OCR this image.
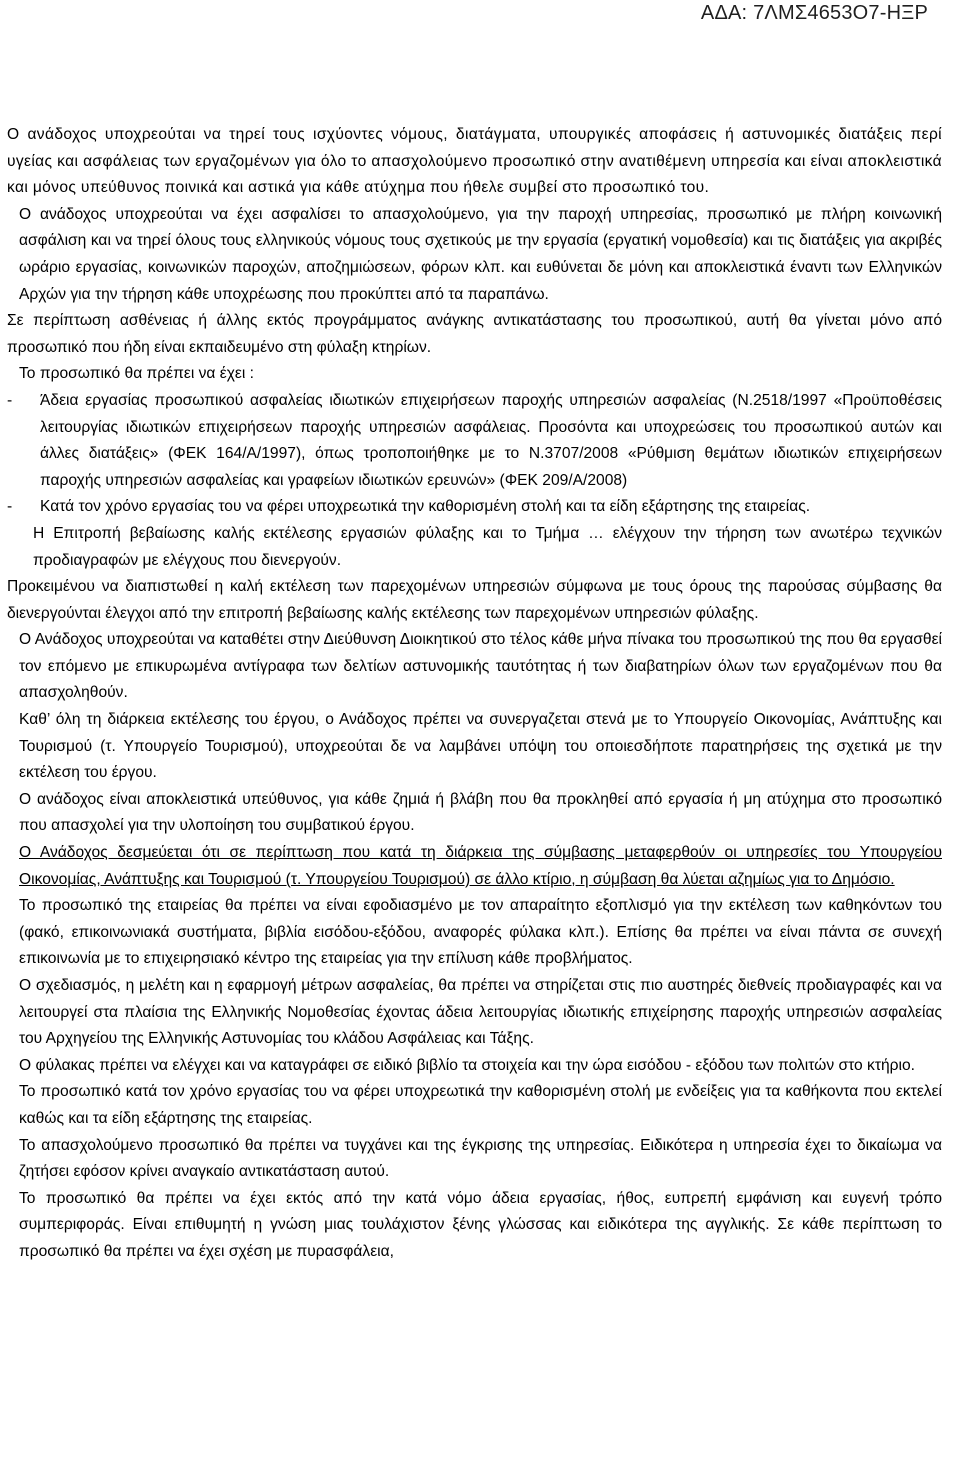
ΑΔΑ: 7ΛΜΣ4653Ο7-ΗΞΡ

Ο ανάδοχος υποχρεούται να τηρεί τους ισχύοντες νόμους, διατάγματα, υπουργικές αποφάσεις ή αστυνομικές διατάξεις περί υγείας και ασφάλειας των εργαζομένων για όλο το απασχολούμενο προσωπικό στην ανατιθέμενη υπηρεσία και είναι αποκλειστικά και μόνος υπεύθυνος ποινικά και αστικά για κάθε ατύχημα που ήθελε συμβεί στο προσωπικό του.

Ο ανάδοχος υποχρεούται να έχει ασφαλίσει το απασχολούμενο, για την παροχή υπηρεσίας, προσωπικό με πλήρη κοινωνική ασφάλιση και να τηρεί όλους τους ελληνικούς νόμους τους σχετικούς με την εργασία (εργατική νομοθεσία) και τις διατάξεις για ακριβές ωράριο εργασίας, κοινωνικών παροχών, αποζημιώσεων, φόρων κλπ. και ευθύνεται δε μόνη και αποκλειστικά έναντι των Ελληνικών Αρχών για την τήρηση κάθε υποχρέωσης που προκύπτει από τα παραπάνω.

Σε περίπτωση ασθένειας ή άλλης εκτός προγράμματος ανάγκης αντικατάστασης του προσωπικού, αυτή θα γίνεται μόνο από προσωπικό που ήδη είναι εκπαιδευμένο στη φύλαξη κτηρίων.

Το προσωπικό θα πρέπει να έχει :

-	Άδεια εργασίας προσωπικού ασφαλείας ιδιωτικών επιχειρήσεων παροχής υπηρεσιών ασφαλείας (Ν.2518/1997 «Προϋποθέσεις λειτουργίας ιδιωτικών επιχειρήσεων παροχής υπηρεσιών ασφάλειας. Προσόντα και υποχρεώσεις του προσωπικού αυτών και άλλες διατάξεις» (ΦΕΚ 164/Α/1997), όπως τροποποιήθηκε με το Ν.3707/2008 «Ρύθμιση θεμάτων ιδιωτικών επιχειρήσεων παροχής υπηρεσιών ασφαλείας και γραφείων ιδιωτικών ερευνών» (ΦΕΚ 209/Α/2008)
-	Κατά τον χρόνο εργασίας του να φέρει υποχρεωτικά την καθορισμένη στολή και τα είδη εξάρτησης της εταιρείας.

Η Επιτροπή βεβαίωσης καλής εκτέλεσης εργασιών φύλαξης και το Τμήμα … ελέγχουν την τήρηση των ανωτέρω τεχνικών προδιαγραφών με ελέγχους που διενεργούν.

Προκειμένου να διαπιστωθεί η καλή εκτέλεση των παρεχομένων υπηρεσιών σύμφωνα με τους όρους της παρούσας σύμβασης θα διενεργούνται έλεγχοι από την επιτροπή βεβαίωσης καλής εκτέλεσης των παρεχομένων υπηρεσιών φύλαξης.

Ο Ανάδοχος υποχρεούται να καταθέτει στην Διεύθυνση Διοικητικού στο τέλος κάθε μήνα πίνακα του προσωπικού της που θα εργασθεί τον επόμενο με επικυρωμένα αντίγραφα των δελτίων αστυνομικής ταυτότητας ή των διαβατηρίων όλων των εργαζομένων που θα απασχοληθούν.

Καθ’ όλη τη διάρκεια εκτέλεσης του έργου, ο Ανάδοχος πρέπει να συνεργαζεται στενά με το Υπουργείο Οικονομίας, Ανάπτυξης και Τουρισμού (τ. Υπουργείο Τουρισμού), υποχρεούται δε να λαμβάνει υπόψη του οποιεσδήποτε παρατηρήσεις της σχετικά με την εκτέλεση του έργου.

Ο ανάδοχος είναι αποκλειστικά υπεύθυνος, για κάθε ζημιά ή βλάβη που θα προκληθεί από εργασία ή μη ατύχημα στο προσωπικό που απασχολεί για την υλοποίηση του συμβατικού έργου.

Ο Ανάδοχος δεσμεύεται ότι σε περίπτωση που κατά τη διάρκεια της σύμβασης μεταφερθούν οι υπηρεσίες του Υπουργείου Οικονομίας, Ανάπτυξης και Τουρισμού (τ. Υπουργείου Τουρισμού) σε άλλο κτίριο, η σύμβαση θα λύεται αζημίως για το Δημόσιο.

Το προσωπικό της εταιρείας θα πρέπει να είναι εφοδιασμένο με τον απαραίτητο εξοπλισμό για την εκτέλεση των καθηκόντων του (φακό, επικοινωνιακά συστήματα, βιβλία εισόδου-εξόδου, αναφορές φύλακα κλπ.). Επίσης θα πρέπει να είναι πάντα σε συνεχή επικοινωνία με το επιχειρησιακό κέντρο της εταιρείας για την επίλυση κάθε προβλήματος.

Ο σχεδιασμός, η μελέτη και η εφαρμογή μέτρων ασφαλείας, θα πρέπει να στηρίζεται στις πιο αυστηρές διεθνείς προδιαγραφές και να λειτουργεί στα πλαίσια της Ελληνικής Νομοθεσίας έχοντας άδεια λειτουργίας ιδιωτικής επιχείρησης παροχής υπηρεσιών ασφαλείας του Αρχηγείου της Ελληνικής Αστυνομίας του κλάδου Ασφάλειας και Τάξης.

Ο φύλακας πρέπει να ελέγχει και να καταγράφει σε ειδικό βιβλίο τα στοιχεία και την ώρα εισόδου - εξόδου των πολιτών στο κτήριο.

Το προσωπικό κατά τον χρόνο εργασίας του να φέρει υποχρεωτικά την καθορισμένη στολή με ενδείξεις για τα καθήκοντα που εκτελεί καθώς και τα είδη εξάρτησης της εταιρείας.

Το απασχολούμενο προσωπικό θα πρέπει να τυγχάνει και της έγκρισης της υπηρεσίας. Ειδικότερα η υπηρεσία έχει το δικαίωμα να ζητήσει εφόσον κρίνει αναγκαίο αντικατάσταση αυτού.

Το προσωπικό θα πρέπει να έχει εκτός από την κατά νόμο άδεια εργασίας, ήθος, ευπρεπή εμφάνιση και ευγενή τρόπο συμπεριφοράς. Είναι επιθυμητή η γνώση μιας τουλάχιστον ξένης γλώσσας και ειδικότερα της αγγλικής. Σε κάθε περίπτωση το προσωπικό θα πρέπει να έχει σχέση με πυρασφάλεια,
